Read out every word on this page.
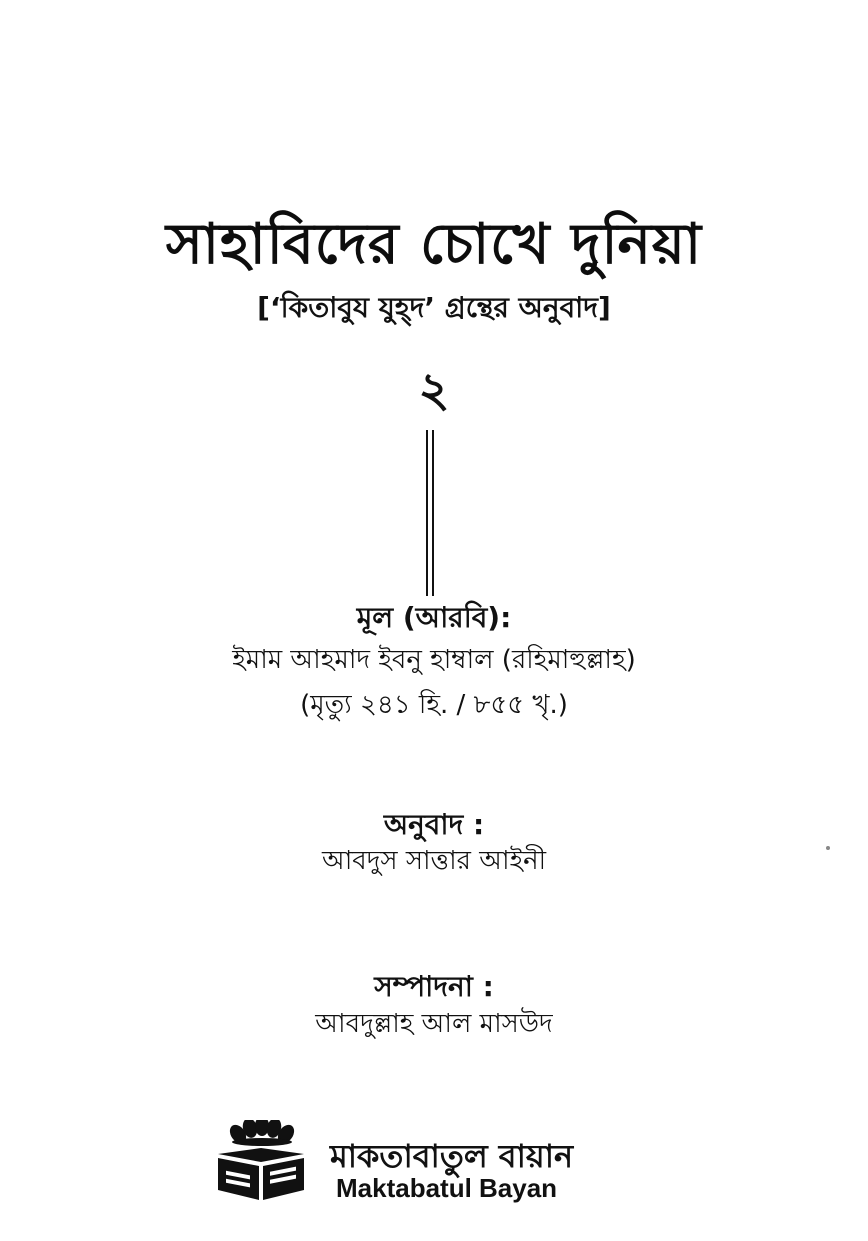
সাহাবিদের চোখে দুনিয়া
[‘কিতাবুয যুহ্দ’ গ্রন্থের অনুবাদ]
২
মূল (আরবি):
ইমাম আহমাদ ইবনু হাম্বাল (রহিমাহুল্লাহ)
(মৃত্যু ২৪১ হি. / ৮৫৫ খৃ.)
অনুবাদ :
আবদুস সাত্তার আইনী
সম্পাদনা :
আবদুল্লাহ আল মাসউদ
মাকতাবাতুল বায়ান
Maktabatul Bayan
